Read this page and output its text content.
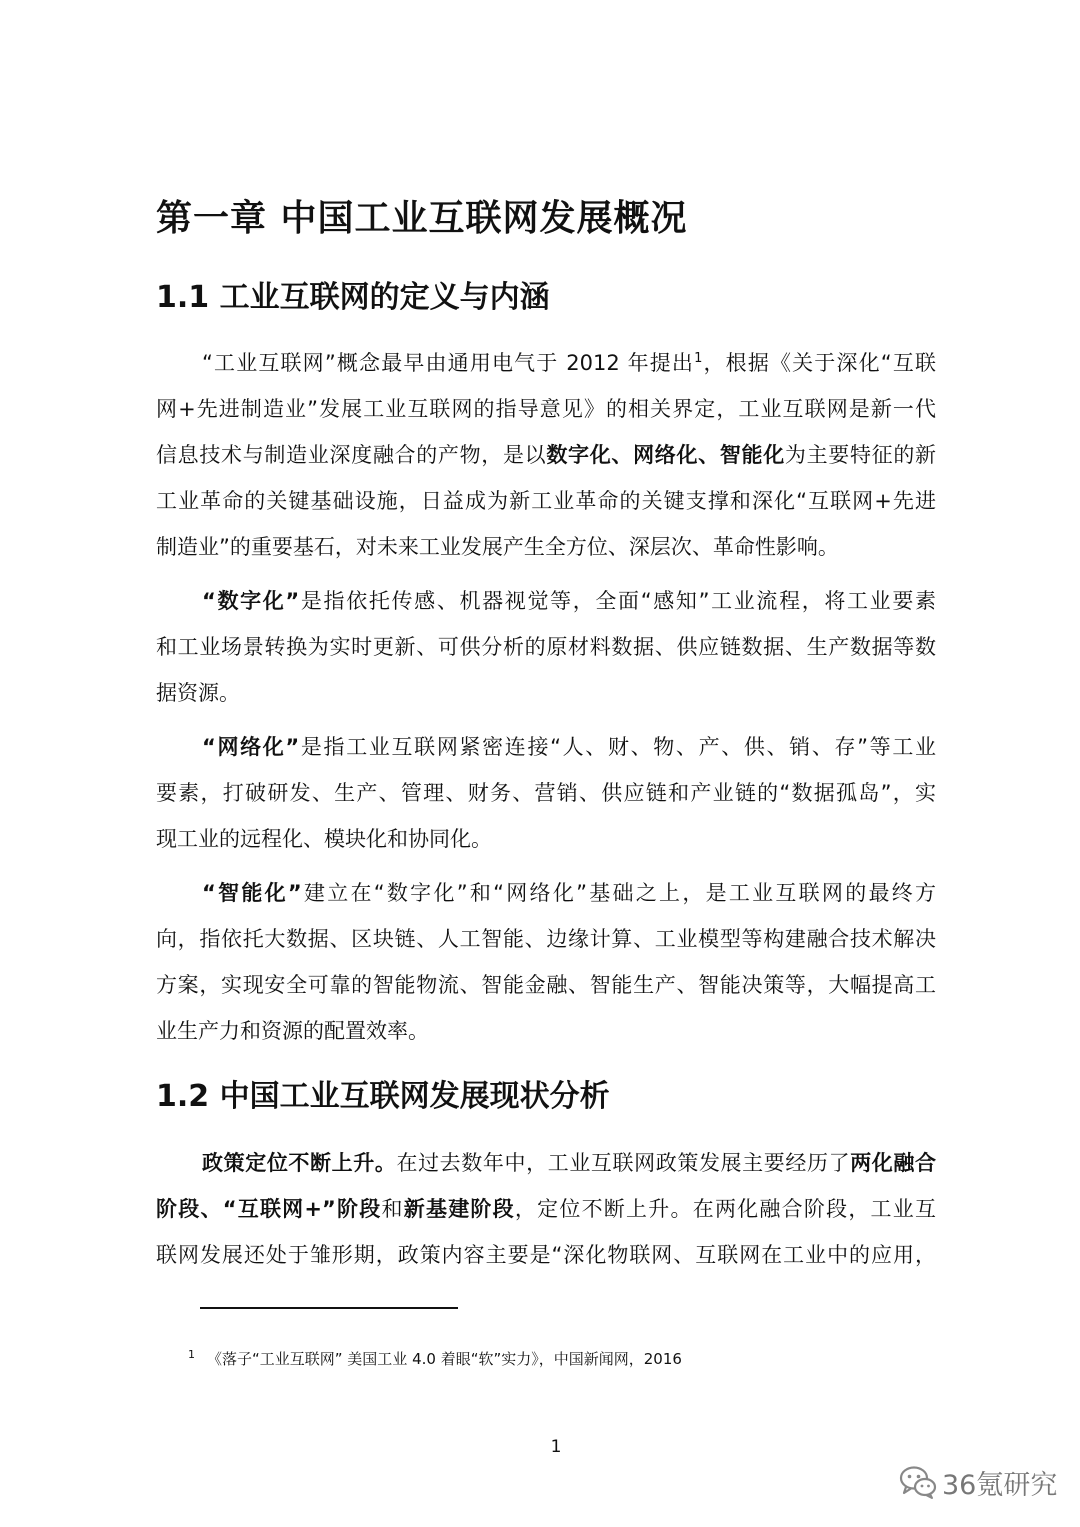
第一章 中国工业互联网发展概况
1.1 工业互联网的定义与内涵
“工业互联网”概念最早由通用电气于 2012 年提出$^1$，根据《关于深化“互联
网+先进制造业”发展工业互联网的指导意见》的相关界定，工业互联网是新一代
信息技术与制造业深度融合的产物，是以数字化、网络化、智能化为主要特征的新
工业革命的关键基础设施，日益成为新工业革命的关键支撑和深化“互联网+先进
制造业”的重要基石，对未来工业发展产生全方位、深层次、革命性影响。
“数字化”是指依托传感、机器视觉等，全面“感知”工业流程，将工业要素
和工业场景转换为实时更新、可供分析的原材料数据、供应链数据、生产数据等数
据资源。
“网络化”是指工业互联网紧密连接“人、财、物、产、供、销、存”等工业
要素，打破研发、生产、管理、财务、营销、供应链和产业链的“数据孤岛”，实
现工业的远程化、模块化和协同化。
“智能化”建立在“数字化”和“网络化”基础之上，是工业互联网的最终方
向，指依托大数据、区块链、人工智能、边缘计算、工业模型等构建融合技术解决
方案，实现安全可靠的智能物流、智能金融、智能生产、智能决策等，大幅提高工
业生产力和资源的配置效率。
1.2 中国工业互联网发展现状分析
政策定位不断上升。在过去数年中，工业互联网政策发展主要经历了两化融合
阶段、“互联网+”阶段和新基建阶段，定位不断上升。在两化融合阶段，工业互
联网发展还处于雏形期，政策内容主要是“深化物联网、互联网在工业中的应用，
$^1$ 《落子“工业互联网” 美国工业 4.0 着眼“软”实力》，中国新闻网，2016
1
36氪研究
